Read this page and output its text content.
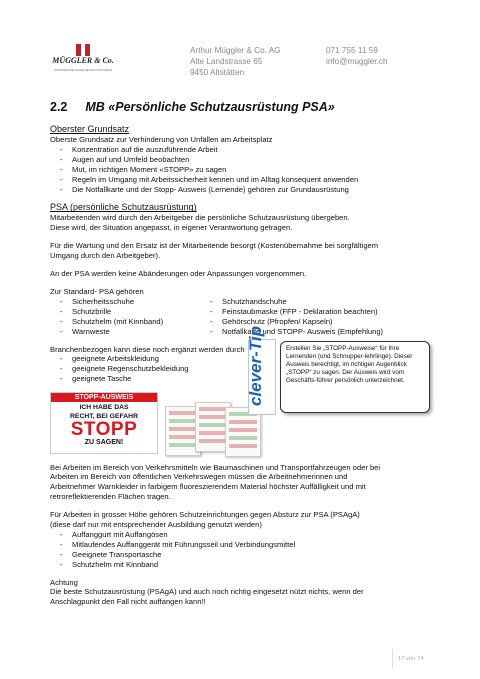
MÜGGLER & Co.
SPANNENDE INGENIEURLÖSUNGEN
Arthur Müggler & Co. AG
Alte Landstrasse 65
9450 Altstätten
071 755 11 59
info@muggler.ch
2.2 MB «Persönliche Schutzausrüstung PSA»

Oberster Grundsatz

Oberste Grundsatz zur Verhinderung von Unfällen am Arbeitsplatz

- Konzentration auf die auszuführende Arbeit
- Augen auf und Umfeld beobachten
- Mut, im richtigen Moment «STOPP» zu sagen
- Regeln im Umgang mit Arbeitssicherheit kennen und im Alltag konsequent anwenden
- Die Notfallkarte und der Stopp- Ausweis (Lernende) gehören zur Grundausrüstung

PSA (persönliche Schutzausrüstung)

Mitarbeitenden wird durch den Arbeitgeber die persönliche Schutzausrüstung übergeben.

Diese wird, der Situation angepasst, in eigener Verantwortung getragen.

Für die Wartung und den Ersatz ist der Mitarbeitende besorgt (Kostenübernahme bei sorgfältigem

Umgang durch den Arbeitgeber).

An der PSA werden keine Abänderungen oder Anpassungen vorgenommen.

Zur Standard- PSA gehören

- Sicherheitsschuhe
- Schutzbrille
- Schutzhelm (mit Kinnband)
- Warnweste
- Schutzhandschuhe
- Feinstaubmaske (FFP - Deklaration beachten)
- Gehörschutz (Pfropfen/ Kapseln)
- Notfallkarte und STOPP- Ausweis (Empfehlung)

Branchenbezogen kann diese noch ergänzt werden durch

- geeignete Arbeitskleidung
- geeignete Regenschutzbekleidung
- geeignete Tasche
STOPP-AUSWEIS
ICH HABE DAS
RECHT, BEI GEFAHR
STOPP
ZU SAGEN!
clever-Tip	Erstellen Sie „STOPP-Ausweise“ für Ihre Lernenden (und Schnupper-lehrlinge). Dieser Ausweis berechtigt, im richtigen Augenblick „STOPP“ zu sagen. Der Ausweis wird vom Geschäfts-führer persönlich unterzeichnet.

Bei Arbeiten im Bereich von Verkehrsmitteln wie Baumaschinen und Transportfahrzeugen oder bei

Arbeiten im Bereich von öffentlichen Verkehrswegen müssen die Arbeitnehmerinnen und

Arbeitnehmer Warnkleider in farbigem fluoreszierendem Material höchster Auffälligkeit und mit

retroreflektierenden Flächen tragen.

Für Arbeiten in grosser Höhe gehören Schutzeinrichtungen gegen Absturz zur PSA (PSAgA)

(diese darf nur mit entsprechender Ausbildung genutzt werden)

- Auffanggurt mit Auffangösen
- Mitlaufendes Auffanggerät mit Führungsseil und Verbindungsmittel
- Geeignete Transportasche
- Schutzhelm mit Kinnband

Achtung

Die beste Schutzausrüstung (PSAgA) und auch noch richtig eingesetzt nützt nichts, wenn der

Anschlagpunkt den Fall nicht auffangen kann!!

17 von 74
